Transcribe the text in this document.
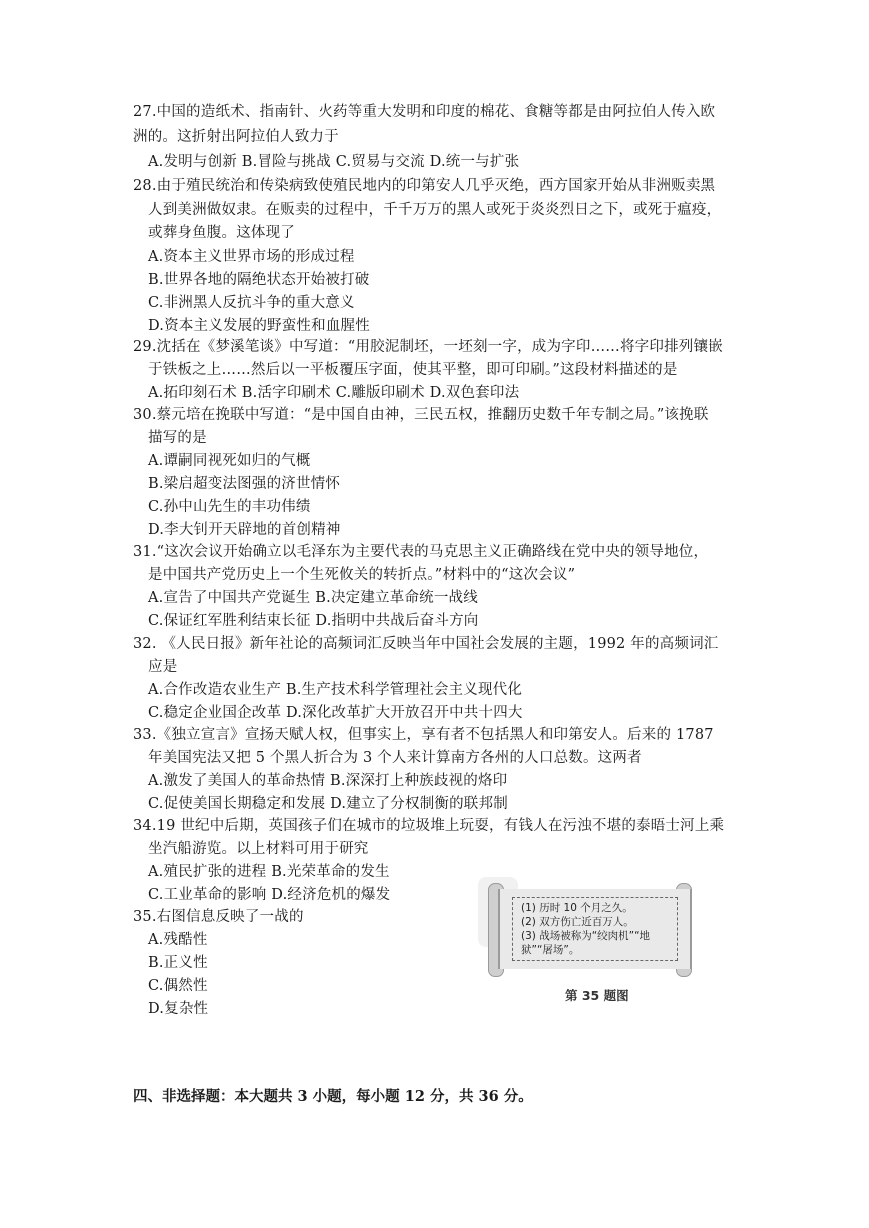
27.中国的造纸术、指南针、火药等重大发明和印度的棉花、食糖等都是由阿拉伯人传入欧
洲的。这折射出阿拉伯人致力于
A.发明与创新 B.冒险与挑战 C.贸易与交流 D.统一与扩张
28.由于殖民统治和传染病致使殖民地内的印第安人几乎灭绝，西方国家开始从非洲贩卖黑
人到美洲做奴隶。在贩卖的过程中，千千万万的黑人或死于炎炎烈日之下，或死于瘟疫，
或葬身鱼腹。这体现了
A.资本主义世界市场的形成过程
B.世界各地的隔绝状态开始被打破
C.非洲黑人反抗斗争的重大意义
D.资本主义发展的野蛮性和血腥性
29.沈括在《梦溪笔谈》中写道：“用胶泥制坯，一坯刻一字，成为字印……将字印排列镶嵌
于铁板之上……然后以一平板覆压字面，使其平整，即可印刷。”这段材料描述的是
A.拓印刻石术 B.活字印刷术 C.雕版印刷术 D.双色套印法
30.蔡元培在挽联中写道：“是中国自由神，三民五权，推翻历史数千年专制之局。”该挽联
描写的是
A.谭嗣同视死如归的气概
B.梁启超变法图强的济世情怀
C.孙中山先生的丰功伟绩
D.李大钊开天辟地的首创精神
31.“这次会议开始确立以毛泽东为主要代表的马克思主义正确路线在党中央的领导地位，
是中国共产党历史上一个生死攸关的转折点。”材料中的“这次会议”
A.宣告了中国共产党诞生 B.决定建立革命统一战线
C.保证红军胜利结束长征 D.指明中共战后奋斗方向
32. 《人民日报》新年社论的高频词汇反映当年中国社会发展的主题，1992 年的高频词汇
应是
A.合作改造农业生产 B.生产技术科学管理社会主义现代化
C.稳定企业国企改革 D.深化改革扩大开放召开中共十四大
33.《独立宣言》宣扬天赋人权，但事实上，享有者不包括黑人和印第安人。后来的 1787
年美国宪法又把 5 个黑人折合为 3 个人来计算南方各州的人口总数。这两者
A.激发了美国人的革命热情 B.深深打上种族歧视的烙印
C.促使美国长期稳定和发展 D.建立了分权制衡的联邦制
34.19 世纪中后期，英国孩子们在城市的垃圾堆上玩耍，有钱人在污浊不堪的泰晤士河上乘
坐汽船游览。以上材料可用于研究
A.殖民扩张的进程 B.光荣革命的发生
C.工业革命的影响 D.经济危机的爆发
35.右图信息反映了一战的
A.残酷性
B.正义性
C.偶然性
D.复杂性
(1) 历时 10 个月之久。
(2) 双方伤亡近百万人。
(3) 战场被称为“绞肉机”“地
狱”“屠场”。
第 35 题图
四、非选择题：本大题共 3 小题，每小题 12 分，共 36 分。
